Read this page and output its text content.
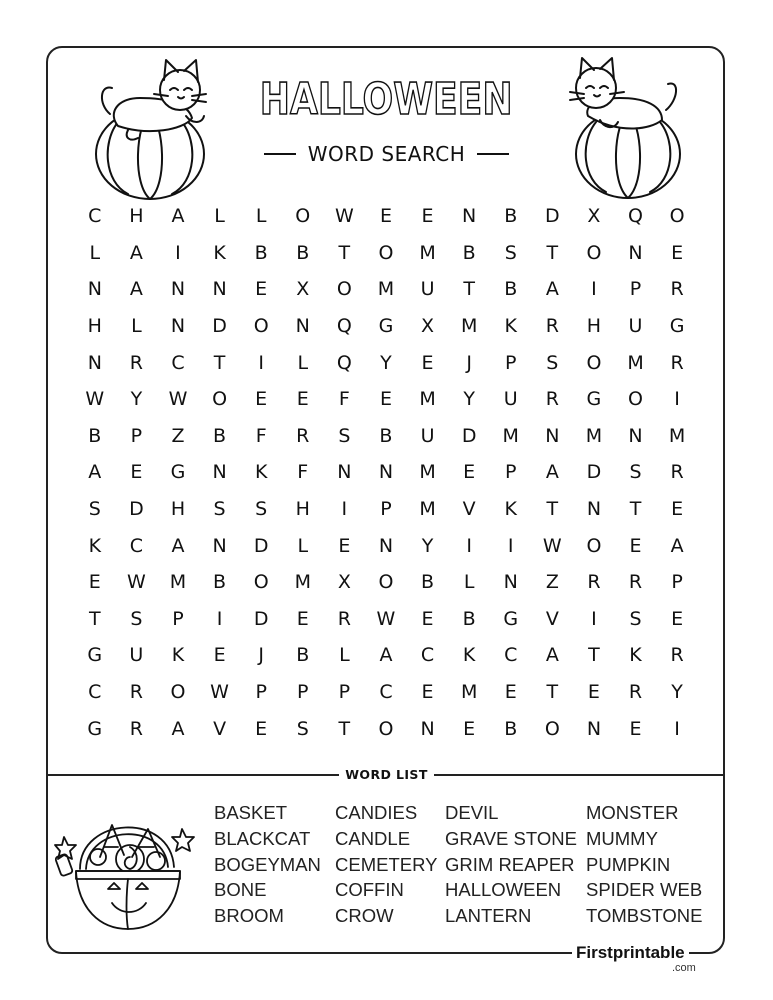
HALLOWEEN
WORD SEARCH
C	H	A	L	L	O	W	E	E	N	B	D	X	Q	O
L	A	I	K	B	B	T	O	M	B	S	T	O	N	E
N	A	N	N	E	X	O	M	U	T	B	A	I	P	R
H	L	N	D	O	N	Q	G	X	M	K	R	H	U	G
N	R	C	T	I	L	Q	Y	E	J	P	S	O	M	R
W	Y	W	O	E	E	F	E	M	Y	U	R	G	O	I
B	P	Z	B	F	R	S	B	U	D	M	N	M	N	M
A	E	G	N	K	F	N	N	M	E	P	A	D	S	R
S	D	H	S	S	H	I	P	M	V	K	T	N	T	E
K	C	A	N	D	L	E	N	Y	I	I	W	O	E	A
E	W	M	B	O	M	X	O	B	L	N	Z	R	R	P
T	S	P	I	D	E	R	W	E	B	G	V	I	S	E
G	U	K	E	J	B	L	A	C	K	C	A	T	K	R
C	R	O	W	P	P	P	C	E	M	E	T	E	R	Y
G	R	A	V	E	S	T	O	N	E	B	O	N	E	I
WORD LIST
BASKET
BLACKCAT
BOGEYMAN
BONE
BROOM
CANDIES
CANDLE
CEMETERY
COFFIN
CROW
DEVIL
GRAVE STONE
GRIM REAPER
HALLOWEEN
LANTERN
MONSTER
MUMMY
PUMPKIN
SPIDER WEB
TOMBSTONE
Firstprintable
.com
